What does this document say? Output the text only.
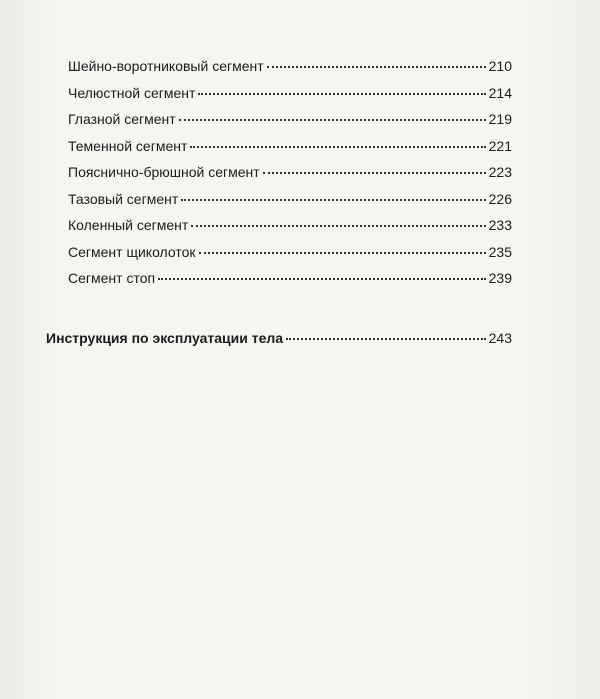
Шейно-воротниковый сегмент	210
Челюстной сегмент	214
Глазной сегмент	219
Теменной сегмент	221
Пояснично-брюшной сегмент	223
Тазовый сегмент	226
Коленный сегмент	233
Сегмент щиколоток	235
Сегмент стоп	239
Инструкция по эксплуатации тела	243
